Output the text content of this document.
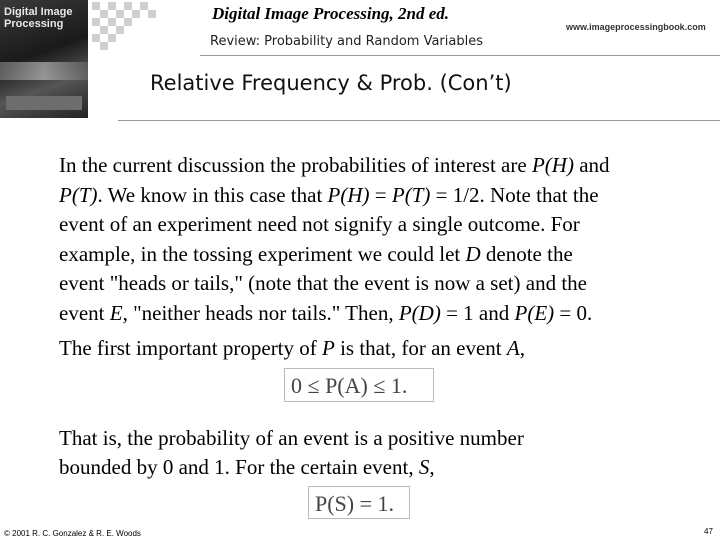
Digital Image Processing
Digital Image Processing, 2nd ed.
www.imageprocessingbook.com
Review: Probability and Random Variables
Relative Frequency & Prob. (Con’t)
In the current discussion the probabilities of interest are P(H) and
P(T). We know in this case that P(H) = P(T) = 1/2. Note that the
event of an experiment need not signify a single outcome. For
example, in the tossing experiment we could let D denote the
event "heads or tails," (note that the event is now a set) and the
event E, "neither heads nor tails." Then, P(D) = 1 and P(E) = 0.
The first important property of P is that, for an event A,
0 ≤ P(A) ≤ 1.
That is, the probability of an event is a positive number
bounded by 0 and 1. For the certain event, S,
P(S) = 1.
© 2001 R. C. Gonzalez & R. E. Woods	47
